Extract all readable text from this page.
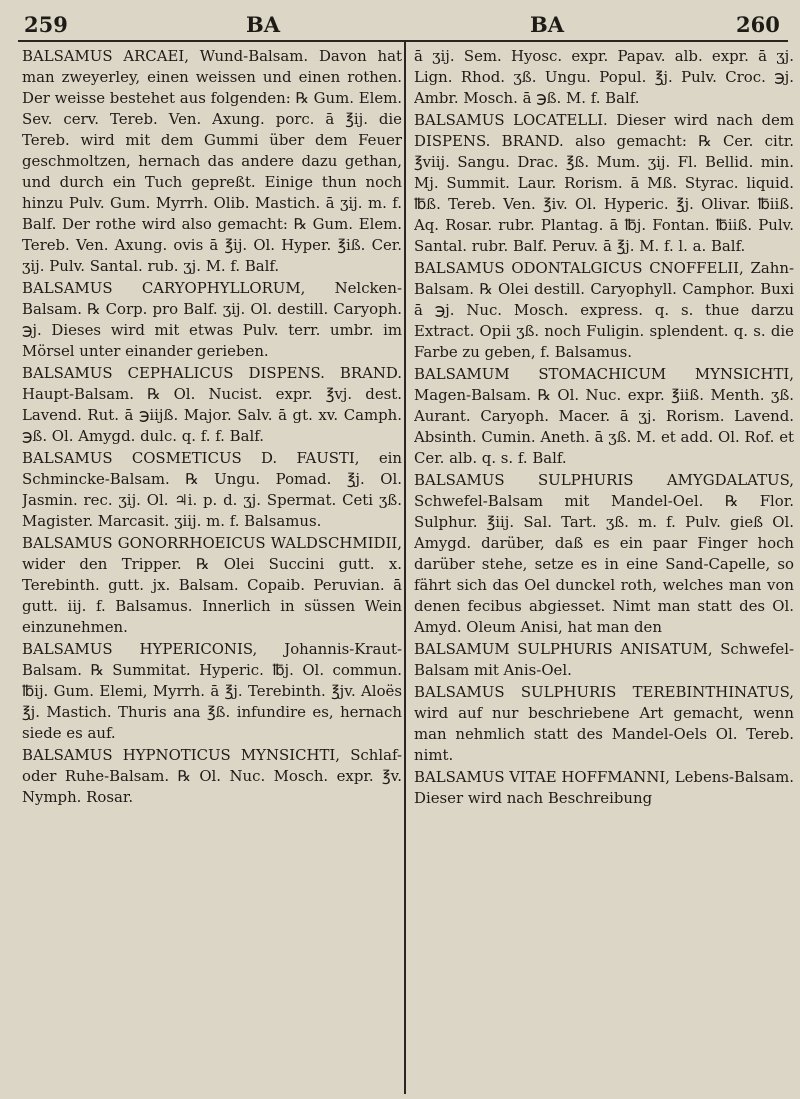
259	BA	BA	260

BALSAMUS ARCAEI, Wund-Balsam. Davon hat man zweyerley, einen weissen und einen rothen. Der weisse bestehet aus folgenden: ℞ Gum. Elem. Sev. cerv. Tereb. Ven. Axung. porc. ā ℥ij. die Tereb. wird mit dem Gummi über dem Feuer geschmoltzen, hernach das andere dazu gethan, und durch ein Tuch gepreßt. Einige thun noch hinzu Pulv. Gum. Myrrh. Olib. Mastich. ā ʒij. m. f. Balf. Der rothe wird also gemacht: ℞ Gum. Elem. Tereb. Ven. Axung. ovis ā ℥ij. Ol. Hyper. ℥iß. Cer. ʒij. Pulv. Santal. rub. ʒj. M. f. Balf.

BALSAMUS CARYOPHYLLORUM, Nelcken-Balsam. ℞ Corp. pro Balf. ʒij. Ol. destill. Caryoph. ℈j. Dieses wird mit etwas Pulv. terr. umbr. im Mörsel unter einander gerieben.

BALSAMUS CEPHALICUS DISPENS. BRAND. Haupt-Balsam. ℞ Ol. Nucist. expr. ℥vj. dest. Lavend. Rut. ā ℈iijß. Major. Salv. ā gt. xv. Camph. ℈ß. Ol. Amygd. dulc. q. f. f. Balf.

BALSAMUS COSMETICUS D. FAUSTI, ein Schmincke-Balsam. ℞ Ungu. Pomad. ℥j. Ol. Jasmin. rec. ʒij. Ol. ♃i. p. d. ʒj. Spermat. Ceti ʒß. Magister. Marcasit. ʒiij. m. f. Balsamus.

BALSAMUS GONORRHOEICUS WALDSCHMIDII, wider den Tripper. ℞ Olei Succini gutt. x. Terebinth. gutt. jx. Balsam. Copaib. Peruvian. ā gutt. iij. f. Balsamus. Innerlich in süssen Wein einzunehmen.

BALSAMUS HYPERICONIS, Johannis-Kraut-Balsam. ℞ Summitat. Hyperic. ℔j. Ol. commun. ℔ij. Gum. Elemi, Myrrh. ā ℥j. Terebinth. ℥jv. Aloës ℥j. Mastich. Thuris ana ℥ß. infundire es, hernach siede es auf.

BALSAMUS HYPNOTICUS MYNSICHTI, Schlaf- oder Ruhe-Balsam. ℞ Ol. Nuc. Mosch. expr. ℥v. Nymph. Rosar.

ā ʒij. Sem. Hyosc. expr. Papav. alb. expr. ā ʒj. Lign. Rhod. ʒß. Ungu. Popul. ℥j. Pulv. Croc. ℈j. Ambr. Mosch. ā ℈ß. M. f. Balf.

BALSAMUS LOCATELLI. Dieser wird nach dem DISPENS. BRAND. also gemacht: ℞ Cer. citr. ℥viij. Sangu. Drac. ℥ß. Mum. ʒij. Fl. Bellid. min. Mj. Summit. Laur. Rorism. ā Mß. Styrac. liquid. ℔ß. Tereb. Ven. ℥iv. Ol. Hyperic. ℥j. Olivar. ℔iiß. Aq. Rosar. rubr. Plantag. ā ℔j. Fontan. ℔iiß. Pulv. Santal. rubr. Balf. Peruv. ā ℥j. M. f. l. a. Balf.

BALSAMUS ODONTALGICUS CNOFFELII, Zahn-Balsam. ℞ Olei destill. Caryophyll. Camphor. Buxi ā ℈j. Nuc. Mosch. express. q. s. thue darzu Extract. Opii ʒß. noch Fuligin. splendent. q. s. die Farbe zu geben, f. Balsamus.

BALSAMUM STOMACHICUM MYNSICHTI, Magen-Balsam. ℞ Ol. Nuc. expr. ℥iiß. Menth. ʒß. Aurant. Caryoph. Macer. ā ʒj. Rorism. Lavend. Absinth. Cumin. Aneth. ā ʒß. M. et add. Ol. Rof. et Cer. alb. q. s. f. Balf.

BALSAMUS SULPHURIS AMYGDALATUS, Schwefel-Balsam mit Mandel-Oel. ℞ Flor. Sulphur. ℥iij. Sal. Tart. ʒß. m. f. Pulv. gieß Ol. Amygd. darüber, daß es ein paar Finger hoch darüber stehe, setze es in eine Sand-Capelle, so fährt sich das Oel dunckel roth, welches man von denen fecibus abgiesset. Nimt man statt des Ol. Amyd. Oleum Anisi, hat man den

BALSAMUM SULPHURIS ANISATUM, Schwefel-Balsam mit Anis-Oel.

BALSAMUS SULPHURIS TEREBINTHINATUS, wird auf nur beschriebene Art gemacht, wenn man nehmlich statt des Mandel-Oels Ol. Tereb. nimt.

BALSAMUS VITAE HOFFMANNI, Lebens-Balsam. Dieser wird nach Beschreibung
